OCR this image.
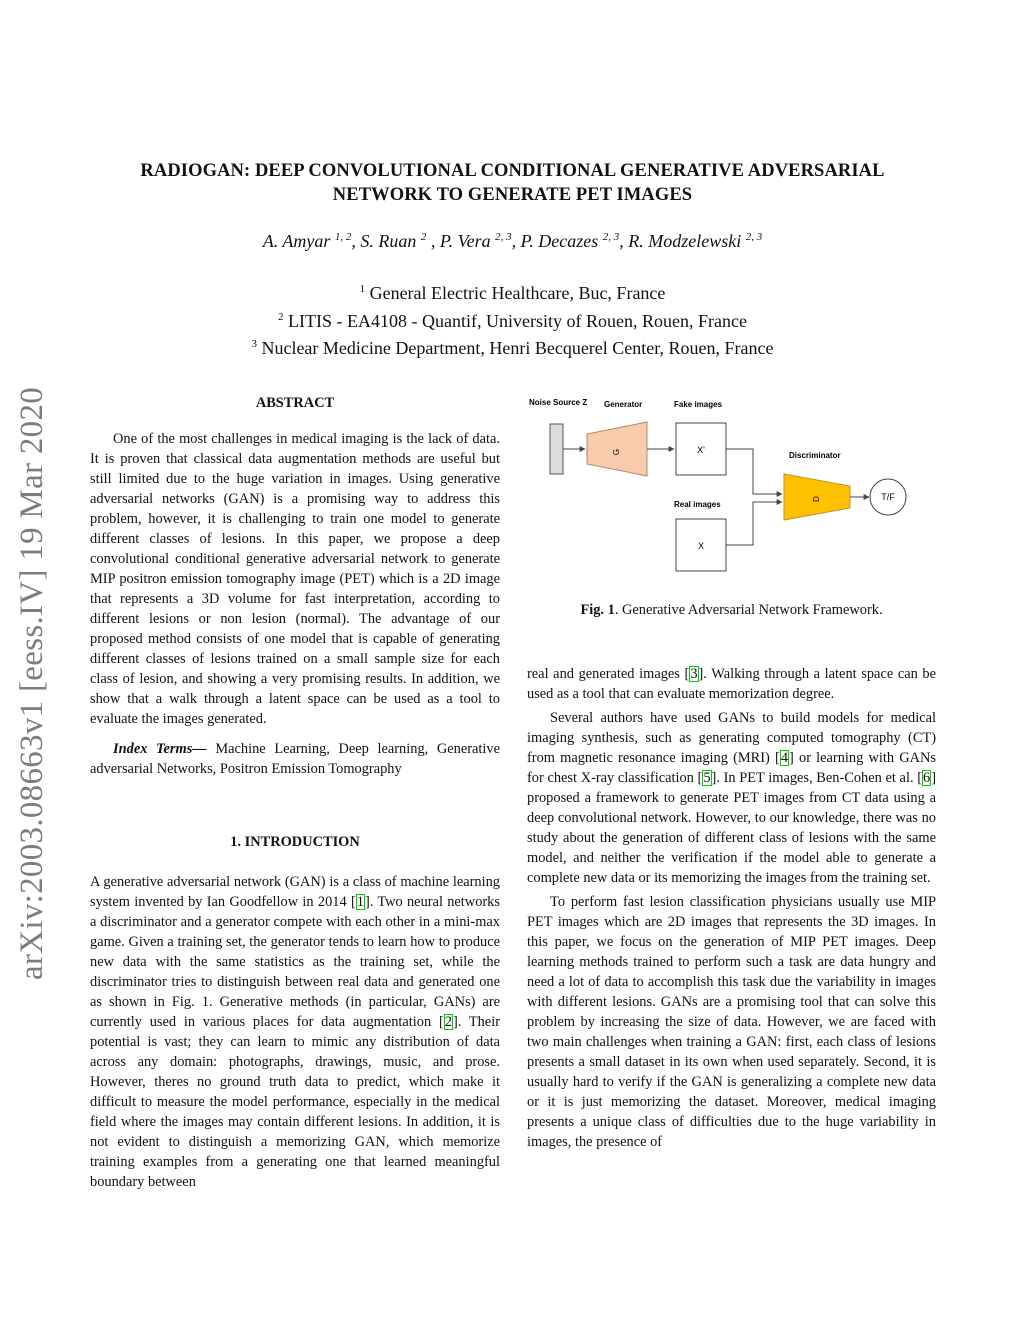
arXiv:2003.08663v1 [eess.IV] 19 Mar 2020
RADIOGAN: DEEP CONVOLUTIONAL CONDITIONAL GENERATIVE ADVERSARIAL
NETWORK TO GENERATE PET IMAGES
A. Amyar $^{1, 2}$, S. Ruan $^2$ , P. Vera $^{2, 3}$, P. Decazes $^{2, 3}$, R. Modzelewski $^{2, 3}$
$^1$ General Electric Healthcare, Buc, France
$^2$ LITIS - EA4108 - Quantif, University of Rouen, Rouen, France
$^3$ Nuclear Medicine Department, Henri Becquerel Center, Rouen, France
ABSTRACT

One of the most challenges in medical imaging is the lack of data. It is proven that classical data augmentation methods are useful but still limited due to the huge variation in images. Using generative adversarial networks (GAN) is a promising way to address this problem, however, it is challenging to train one model to generate different classes of lesions. In this paper, we propose a deep convolutional conditional generative adversarial network to generate MIP positron emission tomography image (PET) which is a 2D image that represents a 3D volume for fast interpretation, according to different lesions or non lesion (normal). The advantage of our proposed method consists of one model that is capable of generating different classes of lesions trained on a small sample size for each class of lesion, and showing a very promising results. In addition, we show that a walk through a latent space can be used as a tool to evaluate the images generated.

Index Terms— Machine Learning, Deep learning, Generative adversarial Networks, Positron Emission Tomography

1. INTRODUCTION

A generative adversarial network (GAN) is a class of machine learning system invented by Ian Goodfellow in 2014 [1]. Two neural networks a discriminator and a generator compete with each other in a mini-max game. Given a training set, the generator tends to learn how to produce new data with the same statistics as the training set, while the discriminator tries to distinguish between real data and generated one as shown in Fig. 1. Generative methods (in particular, GANs) are currently used in various places for data augmentation [2]. Their potential is vast; they can learn to mimic any distribution of data across any domain: photographs, drawings, music, and prose. However, theres no ground truth data to predict, which make it difficult to measure the model performance, especially in the medical field where the images may contain different lesions. In addition, it is not evident to distinguish a memorizing GAN, which memorize training examples from a generating one that learned meaningful boundary between

Noise Source Z Generator	Fake images
Discriminator
Real images
G	X'
X
D	T/F
Fig. 1. Generative Adversarial Network Framework.

real and generated images [3]. Walking through a latent space can be used as a tool that can evaluate memorization degree.

Several authors have used GANs to build models for medical imaging synthesis, such as generating computed tomography (CT) from magnetic resonance imaging (MRI) [4] or learning with GANs for chest X-ray classification [5]. In PET images, Ben-Cohen et al. [6] proposed a framework to generate PET images from CT data using a deep convolutional network. However, to our knowledge, there was no study about the generation of different class of lesions with the same model, and neither the verification if the model able to generate a complete new data or its memorizing the images from the training set.

To perform fast lesion classification physicians usually use MIP PET images which are 2D images that represents the 3D images. In this paper, we focus on the generation of MIP PET images. Deep learning methods trained to perform such a task are data hungry and need a lot of data to accomplish this task due the variability in images with different lesions. GANs are a promising tool that can solve this problem by increasing the size of data. However, we are faced with two main challenges when training a GAN: first, each class of lesions presents a small dataset in its own when used separately. Second, it is usually hard to verify if the GAN is generalizing a complete new data or it is just memorizing the dataset. Moreover, medical imaging presents a unique class of difficulties due to the huge variability in images, the presence of
